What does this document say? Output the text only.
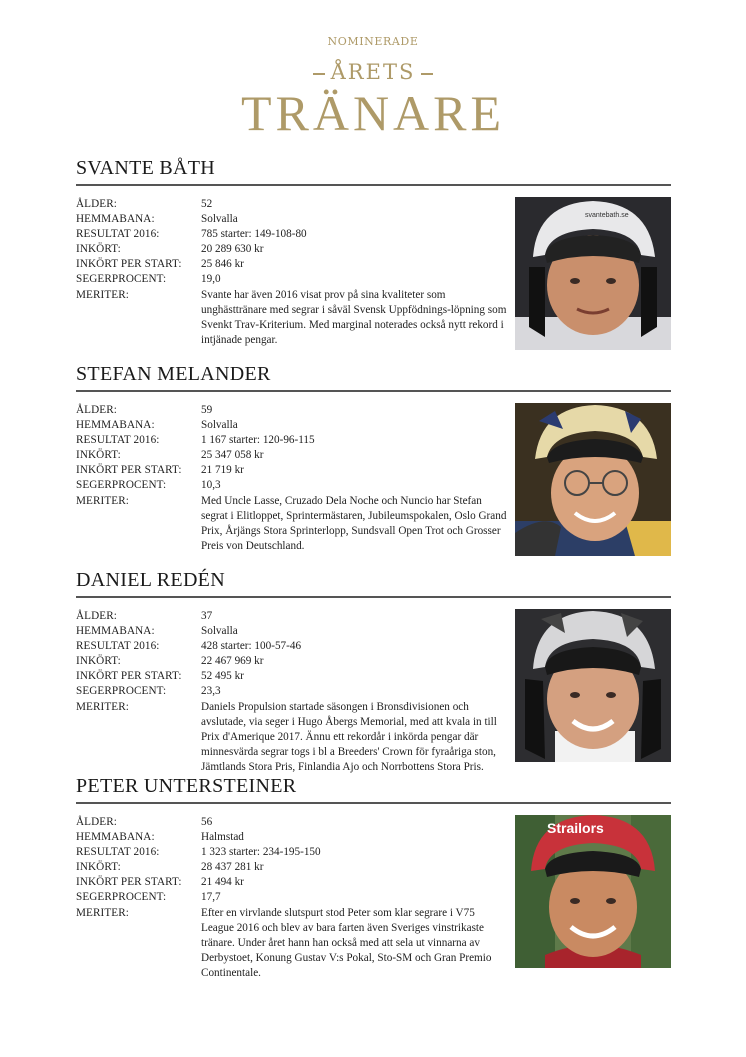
NOMINERADE
ÅRETS
TRÄNARE
SVANTE BÅTH
ÅLDER:	52
HEMMABANA:	Solvalla
RESULTAT 2016:	785 starter: 149-108-80
INKÖRT:	20 289 630 kr
INKÖRT PER START:	25 846 kr
SEGERPROCENT:	19,0
MERITER:	Svante har även 2016 visat prov på sina kvaliteter som unghästtränare med segrar i såväl Svensk Uppfödnings-löpning som Svenkt Trav-Kriterium. Med marginal noterades också nytt rekord i intjänade pengar.
svantebath.se
STEFAN MELANDER
ÅLDER:	59
HEMMABANA:	Solvalla
RESULTAT 2016:	1 167 starter: 120-96-115
INKÖRT:	25 347 058 kr
INKÖRT PER START:	21 719 kr
SEGERPROCENT:	10,3
MERITER:	Med Uncle Lasse, Cruzado Dela Noche och Nuncio har Stefan segrat i Elitloppet, Sprintermästaren, Jubileumspokalen, Oslo Grand Prix, Årjängs Stora Sprinterlopp, Sundsvall Open Trot och Grosser Preis von Deutschland.
DANIEL REDÉN
ÅLDER:	37
HEMMABANA:	Solvalla
RESULTAT 2016:	428 starter: 100-57-46
INKÖRT:	22 467 969 kr
INKÖRT PER START:	52 495 kr
SEGERPROCENT:	23,3
MERITER:	Daniels Propulsion startade säsongen i Bronsdivisionen och avslutade, via seger i Hugo Åbergs Memorial, med att kvala in till Prix d'Amerique 2017. Ännu ett rekordår i inkörda pengar där minnesvärda segrar togs i bl a Breeders' Crown för fyraåriga ston, Jämtlands Stora Pris, Finlandia Ajo och Norrbottens Stora Pris.
PETER UNTERSTEINER
ÅLDER:	56
HEMMABANA:	Halmstad
RESULTAT 2016:	1 323 starter: 234-195-150
INKÖRT:	28 437 281 kr
INKÖRT PER START:	21 494 kr
SEGERPROCENT:	17,7
MERITER:	Efter en virvlande slutspurt stod Peter som klar segrare i V75 League 2016 och blev av bara farten även Sveriges vinstrikaste tränare. Under året hann han också med att sela ut vinnarna av Derbystoet, Konung Gustav V:s Pokal, Sto-SM och Gran Premio Continentale.
Strailors
